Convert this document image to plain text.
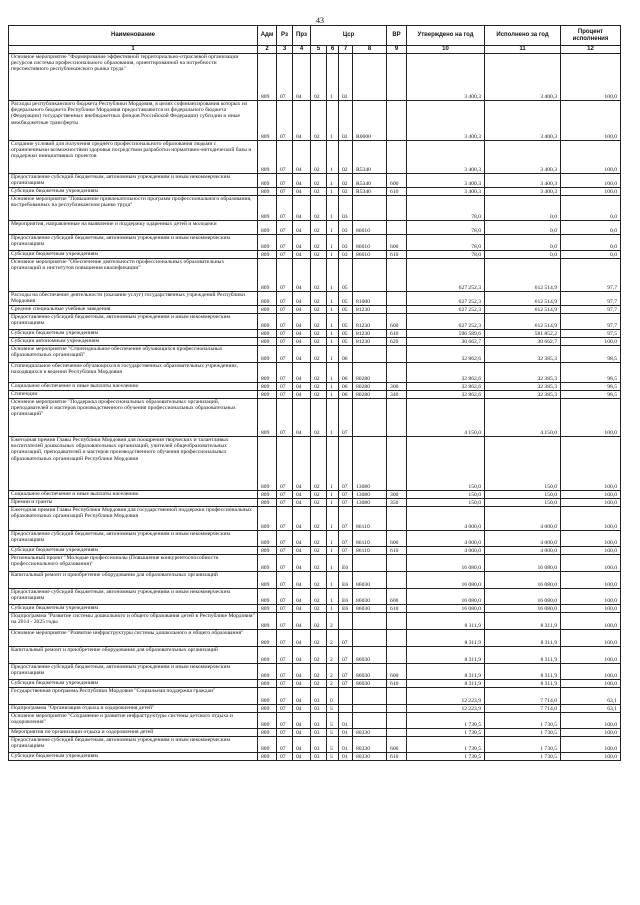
43
Наименование	Адм	Рз	Прз	Цср				ВР	Утверждено на год	Исполнено за год	Процент исполнения
1	2	3	4	5	6	7	8	9	10	11	12
Основное мероприятие "Формирование эффективной территориально-отраслевой организации ресурсов системы профессионального образования, ориентированной на потребности перспективного республиканского рынка труда"	809	07	04	02	1	02			3 400,3	3 400,3	100,0
Расходы республиканского бюджета Республики Мордовия, в целях софинансирования которых из федерального бюджета Республике Мордовия предоставляются из федерального бюджета (Федерации) государственных внебюджетных фондов Российской Федерации) субсидии и иные межбюджетные трансферты	809	07	04	02	1	02	R0000		3 400,3	3 400,3	100,0
Создание условий для получения среднего профессионального образования людьми с ограниченными возможностями здоровья посредством разработки нормативно-методической базы и поддержки инициативных проектов	809	07	04	02	1	02	R5340		3 400,3	3 400,3	100,0
Предоставление субсидий бюджетным, автономным учреждениям и иным некоммерческим организациям	809	07	04	02	1	02	R5340	600	3 400,3	3 400,3	100,0
Субсидии бюджетным учреждениям	809	07	04	02	1	02	R5340	610	3 400,3	3 400,3	100,0
Основное мероприятие "Повышение привлекательности программ профессионального образования, востребованных на республиканском рынке труда"	809	07	04	02	1	03			78,0	0,0	0,0
Мероприятия, направленные на выявление и поддержку одаренных детей и молодежи	809	07	04	02	1	03	86010		78,0	0,0	0,0
Предоставление субсидий бюджетным, автономным учреждениям и иным некоммерческим организациям	809	07	04	02	1	03	86010	600	78,0	0,0	0,0
Субсидии бюджетным учреждениям	809	07	04	02	1	03	86010	610	78,0	0,0	0,0
Основное мероприятие "Обеспечение деятельности профессиональных образовательных организаций и институтов повышения квалификации"	809	07	04	02	1	05			627 252,3	612 514,9	97,7
Расходы на обеспечение деятельности (оказание услуг) государственных учреждений Республики Мордовия	809	07	04	02	1	05	81000		627 252,3	612 514,9	97,7
Средние специальные учебные заведения	809	07	04	02	1	05	81230		627 252,3	612 514,9	97,7
Предоставление субсидий бюджетным, автономным учреждениям и иным некоммерческим организациям	809	07	04	02	1	05	81230	600	627 252,3	612 514,9	97,7
Субсидии бюджетным учреждениям	809	07	04	02	1	05	81230	610	596 589,6	581 852,2	97,5
Субсидии автономным учреждениям	809	07	04	02	1	05	81230	620	30 662,7	30 662,7	100,0
Основное мероприятие "Стипендиальное обеспечение обучающихся профессиональных образовательных организаций"	809	07	04	02	1	06			32 862,6	32 385,3	98,5
Стипендиальное обеспечение обучающихся в государственных образовательных учреждениях, находящихся в ведении Республики Мордовия	809	07	04	02	1	06	80280		32 862,6	32 385,3	98,5
Социальное обеспечение и иные выплаты населению	809	07	04	02	1	06	80280	300	32 862,6	32 385,3	98,5
Стипендии	809	07	04	02	1	06	80280	340	32 862,6	32 385,3	98,5
Основное мероприятие "Поддержка профессиональных образовательных организаций, преподавателей и мастеров производственного обучения профессиональных образовательных организаций"	809	07	04	02	1	07			4 150,0	4 150,0	100,0
Ежегодная премия Главы Республики Мордовия для поощрения творческих и талантливых воспитателей дошкольных образовательных организаций, учителей общеобразовательных организаций, преподавателей и мастеров производственного обучения профессиональных образовательных организаций Республики Мордовия	809	07	04	02	1	07	13080		150,0	150,0	100,0
Социальное обеспечение и иные выплаты населению	809	07	04	02	1	07	13080	300	150,0	150,0	100,0
Премии и гранты	809	07	04	02	1	07	13080	350	150,0	150,0	100,0
Ежегодная премия Главы Республики Мордовия для государственной поддержки профессиональных образовательных организаций Республики Мордовия	809	07	04	02	1	07	86110		4 000,0	4 000,0	100,0
Предоставление субсидий бюджетным, автономным учреждениям и иным некоммерческим организациям	809	07	04	02	1	07	86110	600	4 000,0	4 000,0	100,0
Субсидии бюджетным учреждениям	809	07	04	02	1	07	86110	610	4 000,0	4 000,0	100,0
Региональный проект "Молодые профессионалы (Повышение конкурентоспособности профессионального образования)"	809	07	04	02	1	E6			16 080,0	16 080,0	100,0
Капитальный ремонт и приобретение оборудования для образовательных организаций	809	07	04	02	1	E6	86030		16 080,0	16 080,0	100,0
Предоставление субсидий бюджетным, автономным учреждениям и иным некоммерческим организациям	809	07	04	02	1	E6	86030	600	16 080,0	16 080,0	100,0
Субсидии бюджетным учреждениям	809	07	04	02	1	E6	86030	610	16 080,0	16 080,0	100,0
Подпрограмма "Развитие системы дошкольного и общего образования детей в Республике Мордовия" на 2014 - 2025 годы	809	07	04	02	2				8 311,9	8 311,9	100,0
Основное мероприятие "Развитие инфраструктуры системы дошкольного и общего образования"	809	07	04	02	2	07			8 311,9	8 311,9	100,0
Капитальный ремонт и приобретение оборудования для образовательных организаций	809	07	04	02	2	07	86030		8 311,9	8 311,9	100,0
Предоставление субсидий бюджетным, автономным учреждениям и иным некоммерческим организациям	809	07	04	02	2	07	86030	600	8 311,9	8 311,9	100,0
Субсидии бюджетным учреждениям	809	07	04	02	2	07	86030	610	8 311,9	8 311,9	100,0
Государственная программа Республики Мордовия "Социальная поддержка граждан"	809	07	04	03	0				12 223,9	7 714,0	63,1
Подпрограмма "Организация отдыха и оздоровления детей"	809	07	04	03	5				12 223,9	7 714,0	63,1
Основное мероприятие "Сохранение и развитие инфраструктуры системы детского отдыха и оздоровления"	809	07	04	03	5	01			1 730,5	1 730,5	100,0
Мероприятия по организации отдыха и оздоровления детей	809	07	04	03	5	01	80330		1 730,5	1 730,5	100,0
Предоставление субсидий бюджетным, автономным учреждениям и иным некоммерческим организациям	809	07	04	03	5	01	80330	600	1 730,5	1 730,5	100,0
Субсидии бюджетным учреждениям	809	07	04	03	5	01	80330	610	1 730,5	1 730,5	100,0
